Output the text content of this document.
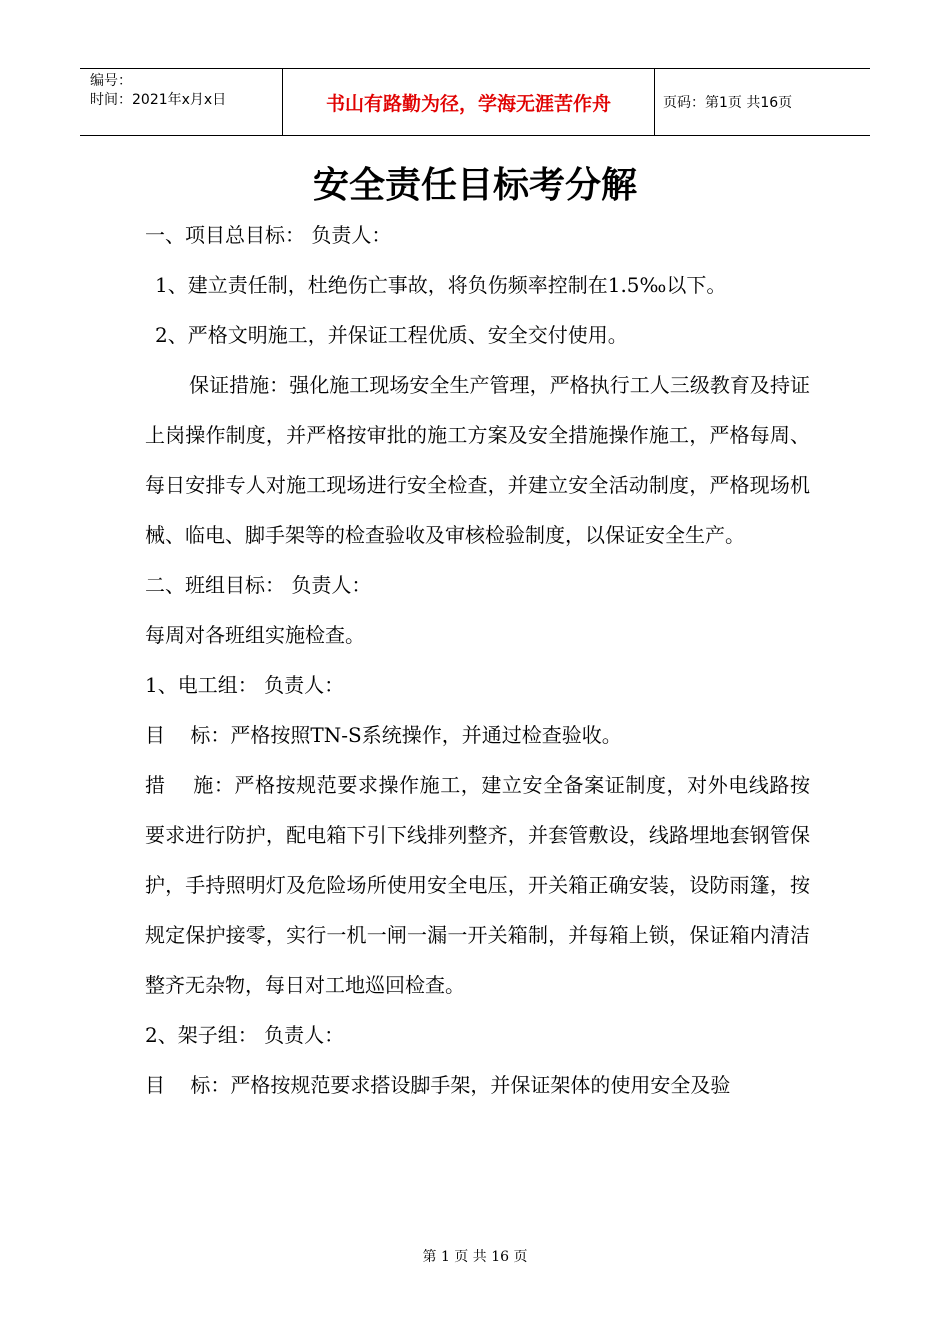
编号：
时间：2021年x月x日	书山有路勤为径，学海无涯苦作舟	页码：第1页 共16页
安全责任目标考分解

一、项目总目标： 负责人：

1、建立责任制，杜绝伤亡事故，将负伤频率控制在1.5‰以下。

2、严格文明施工，并保证工程优质、安全交付使用。

保证措施：强化施工现场安全生产管理，严格执行工人三级教育及持证上岗操作制度，并严格按审批的施工方案及安全措施操作施工，严格每周、每日安排专人对施工现场进行安全检查，并建立安全活动制度，严格现场机械、临电、脚手架等的检查验收及审核检验制度，以保证安全生产。

二、班组目标： 负责人：

每周对各班组实施检查。

1、电工组： 负责人：

目    标：严格按照TN-S系统操作，并通过检查验收。

措    施：严格按规范要求操作施工，建立安全备案证制度，对外电线路按要求进行防护，配电箱下引下线排列整齐，并套管敷设，线路埋地套钢管保护，手持照明灯及危险场所使用安全电压，开关箱正确安装，设防雨篷，按规定保护接零，实行一机一闸一漏一开关箱制，并每箱上锁，保证箱内清洁整齐无杂物，每日对工地巡回检查。

2、架子组： 负责人：

目    标：严格按规范要求搭设脚手架，并保证架体的使用安全及验

第 1 页 共 16 页
